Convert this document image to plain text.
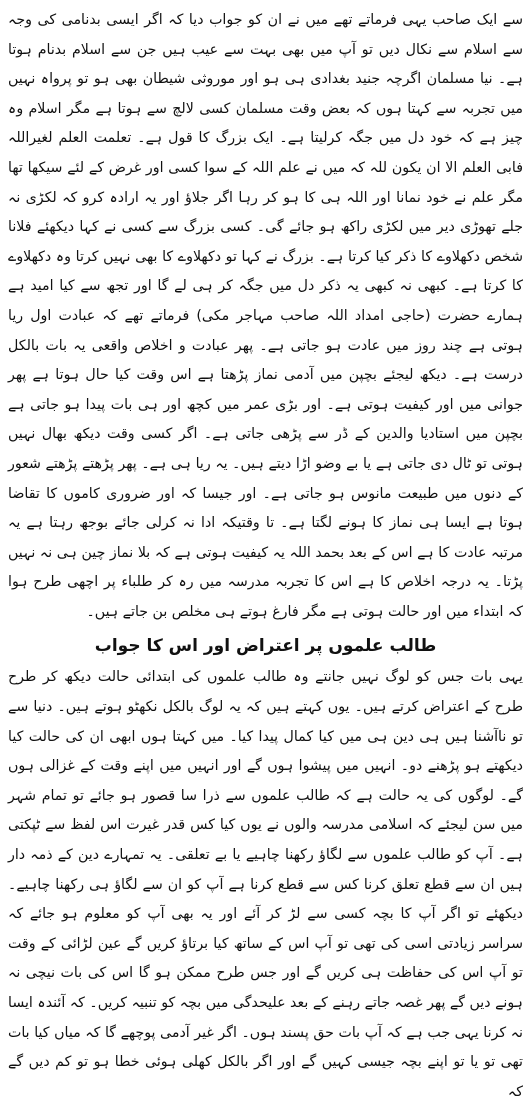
سے ایک صاحب یہی فرماتے تھے میں نے ان کو جواب دیا کہ اگر ایسی بدنامی کی وجہ سے اسلام سے نکال دیں تو آپ میں بھی بہت سے عیب ہیں جن سے اسلام بدنام ہوتا ہے۔ نیا مسلمان اگرچہ جنید بغدادی ہی ہو اور موروثی شیطان بھی ہو تو پرواہ نہیں میں تجربہ سے کہتا ہوں کہ بعض وقت مسلمان کسی لالچ سے ہوتا ہے مگر اسلام وہ چیز ہے کہ خود دل میں جگہ کرلیتا ہے۔ ایک بزرگ کا قول ہے۔ تعلمت العلم لغیراللہ فابی العلم الا ان یکون للہ کہ میں نے علم اللہ کے سوا کسی اور غرض کے لئے سیکھا تھا مگر علم نے خود نمانا اور اللہ ہی کا ہو کر رہا اگر جلاؤ اور یہ ارادہ کرو کہ لکڑی نہ جلے تھوڑی دیر میں لکڑی راکھ ہو جائے گی۔ کسی بزرگ سے کسی نے کہا دیکھئے فلانا شخص دکھلاوے کا ذکر کیا کرتا ہے۔ بزرگ نے کہا تو دکھلاوے کا بھی نہیں کرتا وہ دکھلاوے کا کرتا ہے۔ کبھی نہ کبھی یہ ذکر دل میں جگہ کر ہی لے گا اور تجھ سے کیا امید ہے ہمارے حضرت (حاجی امداد اللہ صاحب مہاجر مکی) فرماتے تھے کہ عبادت اول ریا ہوتی ہے چند روز میں عادت ہو جاتی ہے۔ پھر عبادت و اخلاص واقعی یہ بات بالکل درست ہے۔ دیکھ لیجئے بچپن میں آدمی نماز پڑھتا ہے اس وقت کیا حال ہوتا ہے پھر جوانی میں اور کیفیت ہوتی ہے۔ اور بڑی عمر میں کچھ اور ہی بات پیدا ہو جاتی ہے بچپن میں استادیا والدین کے ڈر سے پڑھی جاتی ہے۔ اگر کسی وقت دیکھ بھال نہیں ہوتی تو ٹال دی جاتی ہے یا بے وضو اڑا دیتے ہیں۔ یہ ریا ہی ہے۔ پھر پڑھتے پڑھتے شعور کے دنوں میں طبیعت مانوس ہو جاتی ہے۔ اور جیسا کہ اور ضروری کاموں کا تقاضا ہوتا ہے ایسا ہی نماز کا ہونے لگتا ہے۔ تا وقتیکہ ادا نہ کرلی جائے بوجھ رہتا ہے یہ مرتبہ عادت کا ہے اس کے بعد بحمد اللہ یہ کیفیت ہوتی ہے کہ بلا نماز چین ہی نہ نہیں پڑتا۔ یہ درجہ اخلاص کا ہے اس کا تجربہ مدرسہ میں رہ کر طلباء پر اچھی طرح ہوا کہ ابتداء میں اور حالت ہوتی ہے مگر فارغ ہوتے ہی مخلص بن جاتے ہیں۔

طالب علموں پر اعتراض اور اس کا جواب

یہی بات جس کو لوگ نہیں جانتے وہ طالب علموں کی ابتدائی حالت دیکھ کر طرح طرح کے اعتراض کرتے ہیں۔ یوں کہتے ہیں کہ یہ لوگ بالکل نکھٹو ہوتے ہیں۔ دنیا سے تو ناآشنا ہیں ہی دین ہی میں کیا کمال پیدا کیا۔ میں کہتا ہوں ابھی ان کی حالت کیا دیکھتے ہو پڑھنے دو۔ انہیں میں پیشوا ہوں گے اور انہیں میں اپنے وقت کے غزالی ہوں گے۔ لوگوں کی یہ حالت ہے کہ طالب علموں سے ذرا سا قصور ہو جائے تو تمام شہر میں سن لیجئے کہ اسلامی مدرسہ والوں نے یوں کیا کس قدر غیرت اس لفظ سے ٹپکتی ہے۔ آپ کو طالب علموں سے لگاؤ رکھنا چاہیے یا بے تعلقی۔ یہ تمہارے دین کے ذمہ دار ہیں ان سے قطع تعلق کرنا کس سے قطع کرنا ہے آپ کو ان سے لگاؤ ہی رکھنا چاہیے۔ دیکھئے تو اگر آپ کا بچہ کسی سے لڑ کر آئے اور یہ بھی آپ کو معلوم ہو جائے کہ سراسر زیادتی اسی کی تھی تو آپ اس کے ساتھ کیا برتاؤ کریں گے عین لڑائی کے وقت تو آپ اس کی حفاظت ہی کریں گے اور جس طرح ممکن ہو گا اس کی بات نیچی نہ ہونے دیں گے پھر غصہ جاتے رہنے کے بعد علیحدگی میں بچہ کو تنبیہ کریں۔ کہ آئندہ ایسا نہ کرنا یہی جب ہے کہ آپ بات حق پسند ہوں۔ اگر غیر آدمی پوچھے گا کہ میاں کیا بات تھی تو یا تو اپنے بچہ جیسی کہیں گے اور اگر بالکل کھلی ہوئی خطا ہو تو کم دیں گے کہ
